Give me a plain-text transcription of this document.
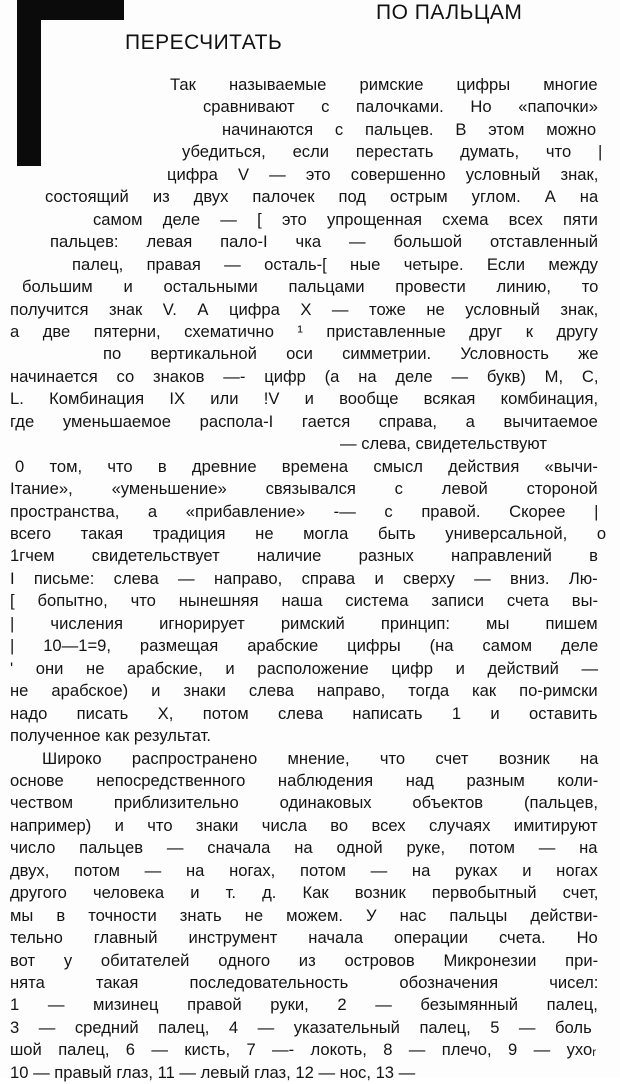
ПО ПАЛЬЦАМ
ПЕРЕСЧИТАТЬ
Так называемые римские цифры многие
сравнивают с палочками. Но «папочки»
начинаются с пальцев. В этом можно
убедиться, если перестать думать, что |
цифра V — это совершенно условный знак,
состоящий из двух палочек под острым углом. А на
самом деле — [ это упрощенная схема всех пяти
пальцев: левая пало-I чка — большой отставленный
палец, правая — осталь-[ ные четыре. Если между
большим и остальными пальцами провести линию, то
получится знак V. А цифра X — тоже не условный знак,
а две пятерни, схематично ¹ приставленные друг к другу
по вертикальной оси симметрии. Условность же
начинается со знаков —- цифр (а на деле — букв) М, С,
L. Комбинация IX или !V и вообще всякая комбинация,
где уменьшаемое распола-I гается справа, а вычитаемое
— слева, свидетельствуют
0 том, что в древние времена смысл действия «вычи-
Iтание», «уменьшение» связывался с левой стороной
пространства, а «прибавление» -— с правой. Скорее |
всего такая традиция не могла быть универсальной, о
1гчем свидетельствует наличие разных направлений в
I письме: слева — направо, справа и сверху — вниз. Лю-
[ бопытно, что нынешняя наша система записи счета вы-
| числения игнорирует римский принцип: мы пишем
| 10—1=9, размещая арабские цифры (на самом деле
' они не арабские, и расположение цифр и действий —
не арабское) и знаки слева направо, тогда как по-римски
надо писать X, потом слева написать 1 и оставить
полученное как результат.
Широко распространено мнение, что счет возник на
основе непосредственного наблюдения над разным коли-
чеством приблизительно одинаковых объектов (пальцев,
например) и что знаки числа во всех случаях имитируют
число пальцев — сначала на одной руке, потом — на
двух, потом — на ногах, потом — на руках и ногах
другого человека и т. д. Как возник первобытный счет,
мы в точности знать не можем. У нас пальцы действи-
тельно главный инструмент начала операции счета. Но
вот у обитателей одного из островов Микронезии при-
нята такая последовательность обозначения чисел:
1 — мизинец правой руки, 2 — безымянный палец,
3 — средний палец, 4 — указательный палец, 5 — боль
шой палец, 6 — кисть, 7 —- локоть, 8 — плечо, 9 — ухоᵣ
10 — правый глаз, 11 — левый глаз, 12 — нос, 13 —
